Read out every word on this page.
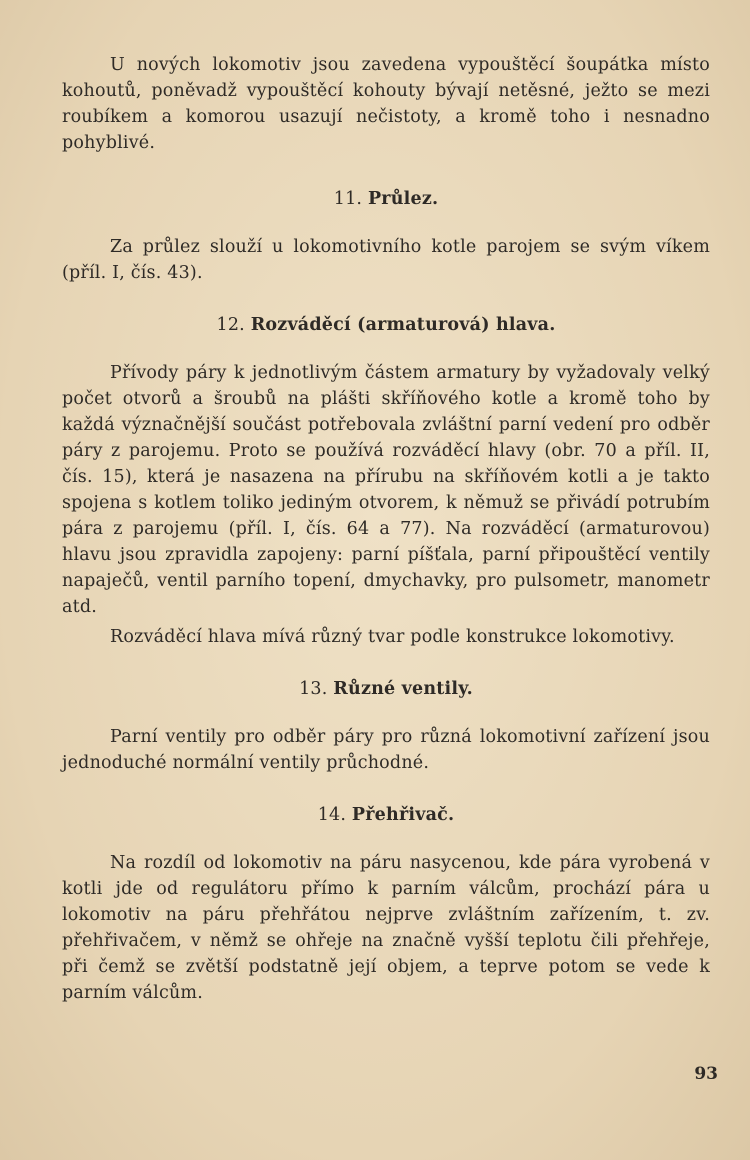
U nových lokomotiv jsou zavedena vypouštěcí šoupátka místo kohoutů, poněvadž vypouštěcí kohouty bývají netěsné, ježto se mezi roubíkem a komorou usazují nečistoty, a kromě toho i nesnadno pohyblivé.

11. Průlez.

Za průlez slouží u lokomotivního kotle parojem se svým víkem (příl. I, čís. 43).

12. Rozváděcí (armaturová) hlava.

Přívody páry k jednotlivým částem armatury by vyžadovaly velký počet otvorů a šroubů na plášti skříňového kotle a kromě toho by každá význačnější součást potřebovala zvláštní parní vedení pro odběr páry z parojemu. Proto se používá rozváděcí hlavy (obr. 70 a příl. II, čís. 15), která je nasazena na přírubu na skříňovém kotli a je takto spojena s kotlem toliko jediným otvorem, k němuž se přivádí potrubím pára z parojemu (příl. I, čís. 64 a 77). Na rozváděcí (armaturovou) hlavu jsou zpravidla zapojeny: parní píšťala, parní připouštěcí ventily napaječů, ventil parního topení, dmychavky, pro pulsometr, manometr atd.

Rozváděcí hlava mívá různý tvar podle konstrukce lokomotivy.

13. Různé ventily.

Parní ventily pro odběr páry pro různá lokomotivní zařízení jsou jednoduché normální ventily průchodné.

14. Přehřivač.

Na rozdíl od lokomotiv na páru nasycenou, kde pára vyrobená v kotli jde od regulátoru přímo k parním válcům, prochází pára u lokomotiv na páru přehřátou nejprve zvláštním zařízením, t. zv. přehřivačem, v němž se ohřeje na značně vyšší teplotu čili přehřeje, při čemž se zvětší podstatně její objem, a teprve potom se vede k parním válcům.

93
